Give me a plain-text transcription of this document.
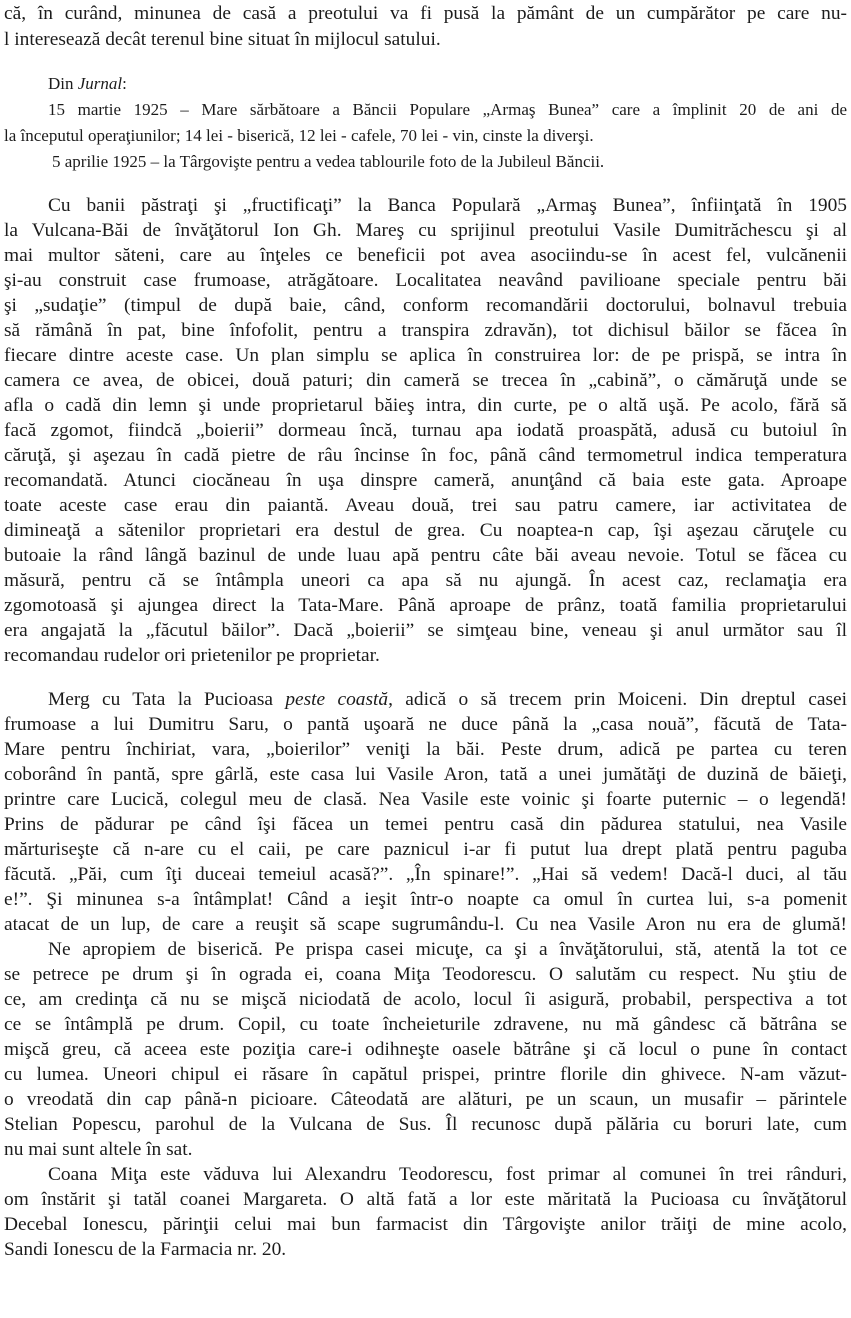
că, în curând, minunea de casă a preotului va fi pusă la pământ de un cumpărător pe care nu-
l interesează decât terenul bine situat în mijlocul satului.
Din Jurnal:
15 martie 1925 – Mare sărbătoare a Băncii Populare „Armaş Bunea” care a împlinit 20 de ani de
la începutul operaţiunilor; 14 lei - biserică, 12 lei - cafele, 70 lei - vin, cinste la diverşi.
5 aprilie 1925 – la Târgovişte pentru a vedea tablourile foto de la Jubileul Băncii.
Cu banii păstraţi şi „fructificaţi” la Banca Populară „Armaş Bunea”, înfiinţată în 1905
la Vulcana-Băi de învăţătorul Ion Gh. Mareş cu sprijinul preotului Vasile Dumitrăchescu şi al
mai multor săteni, care au înţeles ce beneficii pot avea asociindu-se în acest fel, vulcănenii
şi-au construit case frumoase, atrăgătoare. Localitatea neavând pavilioane speciale pentru băi
şi „sudaţie” (timpul de după baie, când, conform recomandării doctorului, bolnavul trebuia
să rămână în pat, bine înfofolit, pentru a transpira zdravăn), tot dichisul băilor se făcea în
fiecare dintre aceste case. Un plan simplu se aplica în construirea lor: de pe prispă, se intra în
camera ce avea, de obicei, două paturi; din cameră se trecea în „cabină”, o cămăruţă unde se
afla o cadă din lemn şi unde proprietarul băieş intra, din curte, pe o altă uşă. Pe acolo, fără să
facă zgomot, fiindcă „boierii” dormeau încă, turnau apa iodată proaspătă, adusă cu butoiul în
căruţă, şi aşezau în cadă pietre de râu încinse în foc, până când termometrul indica temperatura
recomandată. Atunci ciocăneau în uşa dinspre cameră, anunţând că baia este gata. Aproape
toate aceste case erau din paiantă. Aveau două, trei sau patru camere, iar activitatea de
dimineaţă a sătenilor proprietari era destul de grea. Cu noaptea-n cap, îşi aşezau căruţele cu
butoaie la rând lângă bazinul de unde luau apă pentru câte băi aveau nevoie. Totul se făcea cu
măsură, pentru că se întâmpla uneori ca apa să nu ajungă. În acest caz, reclamaţia era
zgomotoasă şi ajungea direct la Tata-Mare. Până aproape de prânz, toată familia proprietarului
era angajată la „făcutul băilor”. Dacă „boierii” se simţeau bine, veneau şi anul următor sau îl
recomandau rudelor ori prietenilor pe proprietar.
Merg cu Tata la Pucioasa peste coastă, adică o să trecem prin Moiceni. Din dreptul casei
frumoase a lui Dumitru Saru, o pantă uşoară ne duce până la „casa nouă”, făcută de Tata-
Mare pentru închiriat, vara, „boierilor” veniţi la băi. Peste drum, adică pe partea cu teren
coborând în pantă, spre gârlă, este casa lui Vasile Aron, tată a unei jumătăţi de duzină de băieţi,
printre care Lucică, colegul meu de clasă. Nea Vasile este voinic şi foarte puternic – o legendă!
Prins de pădurar pe când îşi făcea un temei pentru casă din pădurea statului, nea Vasile
mărturiseşte că n-are cu el caii, pe care paznicul i-ar fi putut lua drept plată pentru paguba
făcută. „Păi, cum îţi duceai temeiul acasă?”. „În spinare!”. „Hai să vedem! Dacă-l duci, al tău
e!”. Şi minunea s-a întâmplat! Când a ieşit într-o noapte ca omul în curtea lui, s-a pomenit
atacat de un lup, de care a reuşit să scape sugrumându-l. Cu nea Vasile Aron nu era de glumă!
Ne apropiem de biserică. Pe prispa casei micuţe, ca şi a învăţătorului, stă, atentă la tot ce
se petrece pe drum şi în ograda ei, coana Miţa Teodorescu. O salutăm cu respect. Nu ştiu de
ce, am credinţa că nu se mişcă niciodată de acolo, locul îi asigură, probabil, perspectiva a tot
ce se întâmplă pe drum. Copil, cu toate încheieturile zdravene, nu mă gândesc că bătrâna se
mişcă greu, că aceea este poziţia care-i odihneşte oasele bătrâne şi că locul o pune în contact
cu lumea. Uneori chipul ei răsare în capătul prispei, printre florile din ghivece. N-am văzut-
o vreodată din cap până-n picioare. Câteodată are alături, pe un scaun, un musafir – părintele
Stelian Popescu, parohul de la Vulcana de Sus. Îl recunosc după pălăria cu boruri late, cum
nu mai sunt altele în sat.
Coana Miţa este văduva lui Alexandru Teodorescu, fost primar al comunei în trei rânduri,
om înstărit şi tatăl coanei Margareta. O altă fată a lor este măritată la Pucioasa cu învăţătorul
Decebal Ionescu, părinţii celui mai bun farmacist din Târgovişte anilor trăiţi de mine acolo,
Sandi Ionescu de la Farmacia nr. 20.
